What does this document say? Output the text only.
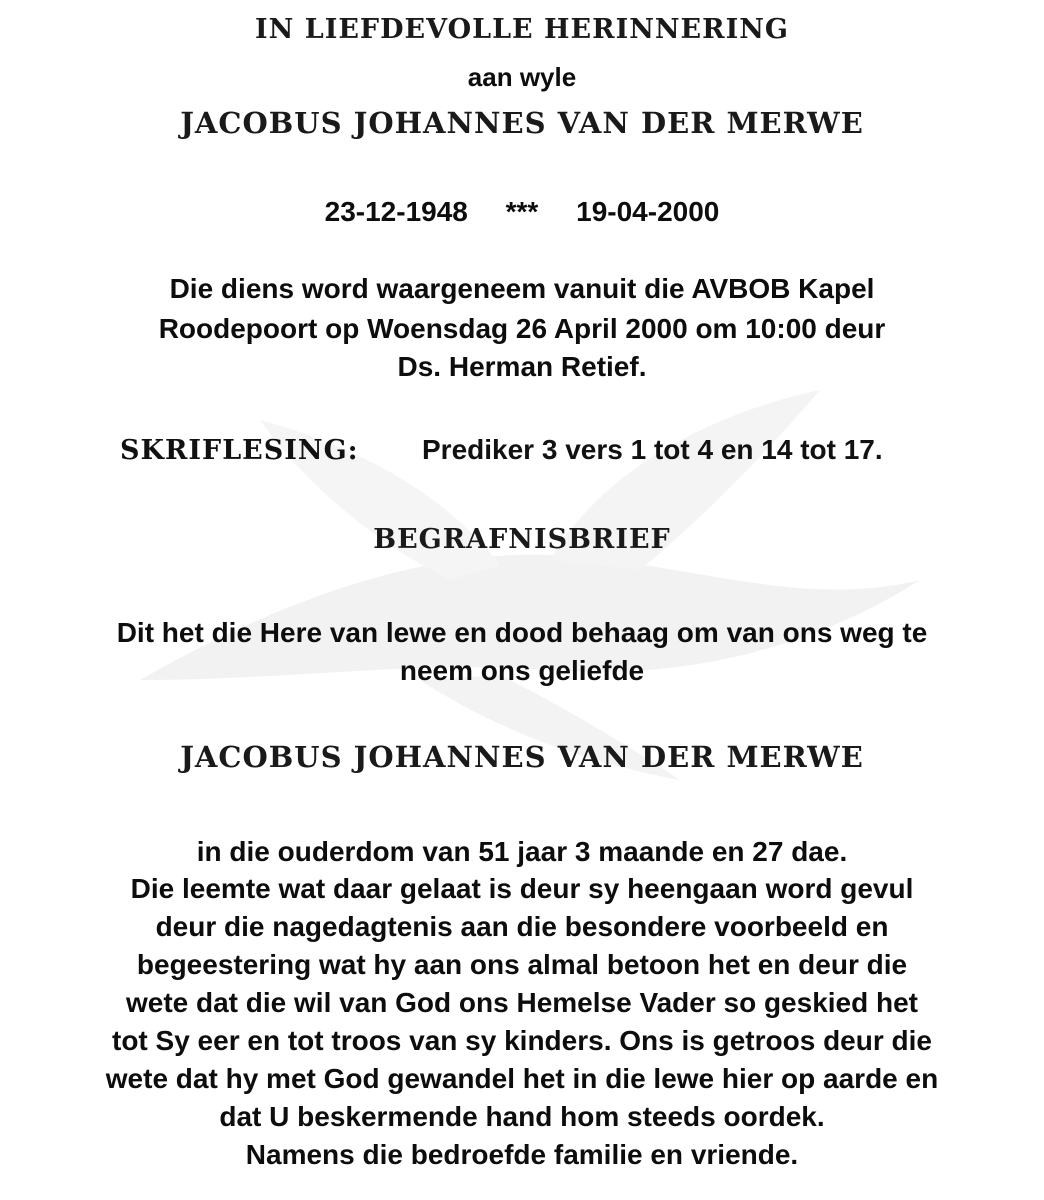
IN LIEFDEVOLLE HERINNERING
aan wyle
JACOBUS JOHANNES VAN DER MERWE
23-12-1948 *** 19-04-2000
Die diens word waargeneem vanuit die AVBOB Kapel
Roodepoort op Woensdag 26 April 2000 om 10:00 deur
Ds. Herman Retief.
SKRIFLESING: Prediker 3 vers 1 tot 4 en 14 tot 17.
BEGRAFNISBRIEF
Dit het die Here van lewe en dood behaag om van ons weg te
neem ons geliefde
JACOBUS JOHANNES VAN DER MERWE
in die ouderdom van 51 jaar 3 maande en 27 dae.
Die leemte wat daar gelaat is deur sy heengaan word gevul
deur die nagedagtenis aan die besondere voorbeeld en
begeestering wat hy aan ons almal betoon het en deur die
wete dat die wil van God ons Hemelse Vader so geskied het
tot Sy eer en tot troos van sy kinders. Ons is getroos deur die
wete dat hy met God gewandel het in die lewe hier op aarde en
dat U beskermende hand hom steeds oordek.
Namens die bedroefde familie en vriende.
